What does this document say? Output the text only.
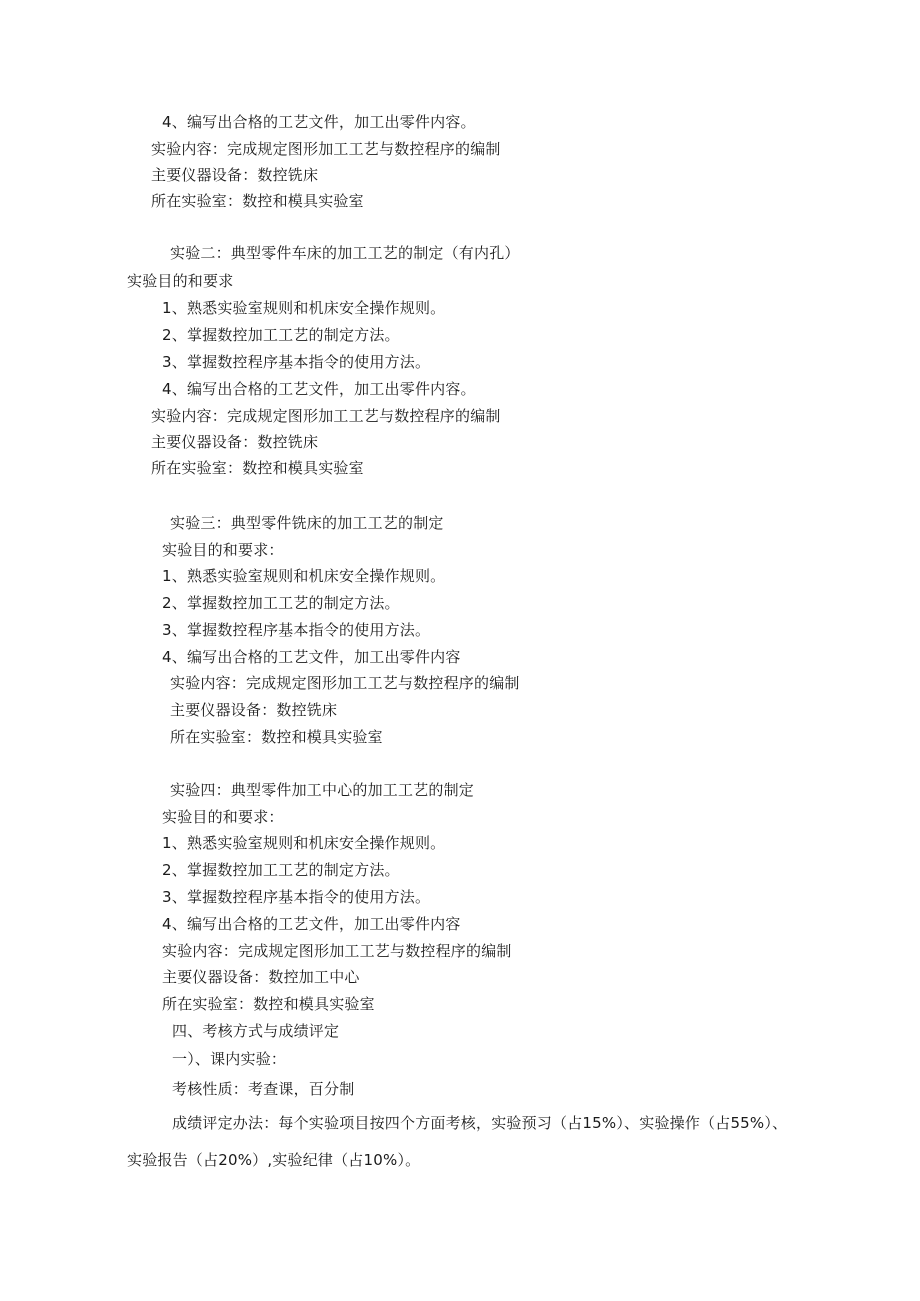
4、编写出合格的工艺文件，加工出零件内容。
实验内容：完成规定图形加工工艺与数控程序的编制
主要仪器设备：数控铣床
所在实验室：数控和模具实验室
实验二：典型零件车床的加工工艺的制定（有内孔）
实验目的和要求
1、熟悉实验室规则和机床安全操作规则。
2、掌握数控加工工艺的制定方法。
3、掌握数控程序基本指令的使用方法。
4、编写出合格的工艺文件，加工出零件内容。
实验内容：完成规定图形加工工艺与数控程序的编制
主要仪器设备：数控铣床
所在实验室：数控和模具实验室
实验三：典型零件铣床的加工工艺的制定
实验目的和要求：
1、熟悉实验室规则和机床安全操作规则。
2、掌握数控加工工艺的制定方法。
3、掌握数控程序基本指令的使用方法。
4、编写出合格的工艺文件，加工出零件内容
实验内容：完成规定图形加工工艺与数控程序的编制
主要仪器设备：数控铣床
所在实验室：数控和模具实验室
实验四：典型零件加工中心的加工工艺的制定
实验目的和要求：
1、熟悉实验室规则和机床安全操作规则。
2、掌握数控加工工艺的制定方法。
3、掌握数控程序基本指令的使用方法。
4、编写出合格的工艺文件，加工出零件内容
实验内容：完成规定图形加工工艺与数控程序的编制
主要仪器设备：数控加工中心
所在实验室：数控和模具实验室
四、考核方式与成绩评定
一）、课内实验：
考核性质：考查课，百分制
成绩评定办法：每个实验项目按四个方面考核，实验预习（占15%）、实验操作（占55%）、
实验报告（占20%）,实验纪律（占10%）。
